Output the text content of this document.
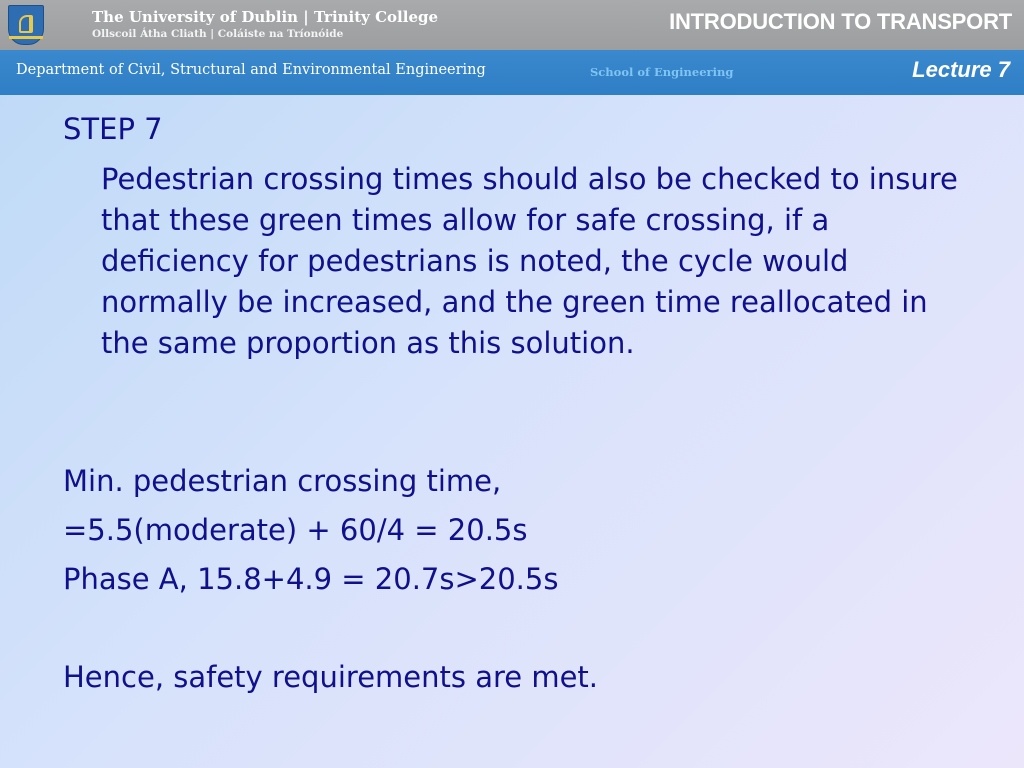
The University of Dublin | Trinity College
Ollscoil Átha Cliath | Coláiste na Tríonóide	INTRODUCTION TO TRANSPORT
Department of Civil, Structural and Environmental Engineering	School of Engineering	Lecture 7
STEP 7
Pedestrian crossing times should also be checked to insure that these green times allow for safe crossing, if a deficiency for pedestrians is noted, the cycle would normally be increased, and the green time reallocated in the same proportion as this solution.
Min. pedestrian crossing time,
=5.5(moderate) + 60/4 = 20.5s
Phase A, 15.8+4.9 = 20.7s>20.5s
Hence, safety requirements are met.
